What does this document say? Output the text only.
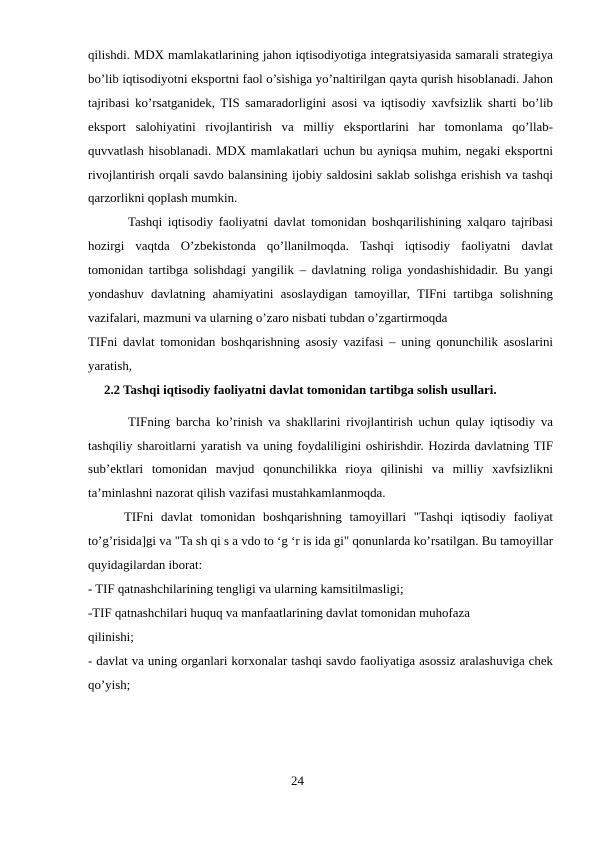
qilishdi. MDX mamlakatlarining jahon iqtisodiyotiga integratsiyasida samarali strategiya bo’lib iqtisodiyotni eksportni faol o’sishiga yo’naltirilgan qayta qurish hisoblanadi. Jahon tajribasi ko’rsatganidek, TIS samaradorligini asosi va iqtisodiy xavfsizlik sharti bo’lib eksport salohiyatini rivojlantirish va milliy eksportlarini har tomonlama qo’llab-quvvatlash hisoblanadi. MDX mamlakatlari uchun bu ayniqsa muhim, negaki eksportni rivojlantirish orqali savdo balansining ijobiy saldosini saklab solishga erishish va tashqi qarzorlikni qoplash mumkin.

Tashqi iqtisodiy faoliyatni davlat tomonidan boshqarilishining xalqaro tajribasi hozirgi vaqtda O’zbekistonda qo’llanilmoqda. Tashqi iqtisodiy faoliyatni davlat tomonidan tartibga solishdagi yangilik – davlatning roliga yondashishidadir. Bu yangi yondashuv davlatning ahamiyatini asoslaydigan tamoyillar, TIFni tartibga solishning vazifalari, mazmuni va ularning o’zaro nisbati tubdan o’zgartirmoqda

TIFni davlat tomonidan boshqarishning asosiy vazifasi – uning qonunchilik asoslarini yaratish,

2.2 Tashqi iqtisodiy faoliyatni davlat tomonidan tartibga solish usullari.

TIFning barcha ko’rinish va shakllarini rivojlantirish uchun qulay iqtisodiy va tashqiliy sharoitlarni yaratish va uning foydaliligini oshirishdir. Hozirda davlatning TIF sub’ektlari tomonidan mavjud qonunchilikka rioya qilinishi va milliy xavfsizlikni ta’minlashni nazorat qilish vazifasi mustahkamlanmoqda.

TIFni davlat tomonidan boshqarishning tamoyillari "Tashqi iqtisodiy faoliyat to’g’risida]gi va "Ta sh qi s a vdo to ‘g ‘r is ida gi" qonunlarda ko’rsatilgan. Bu tamoyillar quyidagilardan iborat:

- TIF qatnashchilarining tengligi va ularning kamsitilmasligi;

-TIF qatnashchilari huquq va manfaatlarining davlat tomonidan muhofaza

qilinishi;

- davlat va uning organlari korxonalar tashqi savdo faoliyatiga asossiz aralashuviga chek qo’yish;

24
